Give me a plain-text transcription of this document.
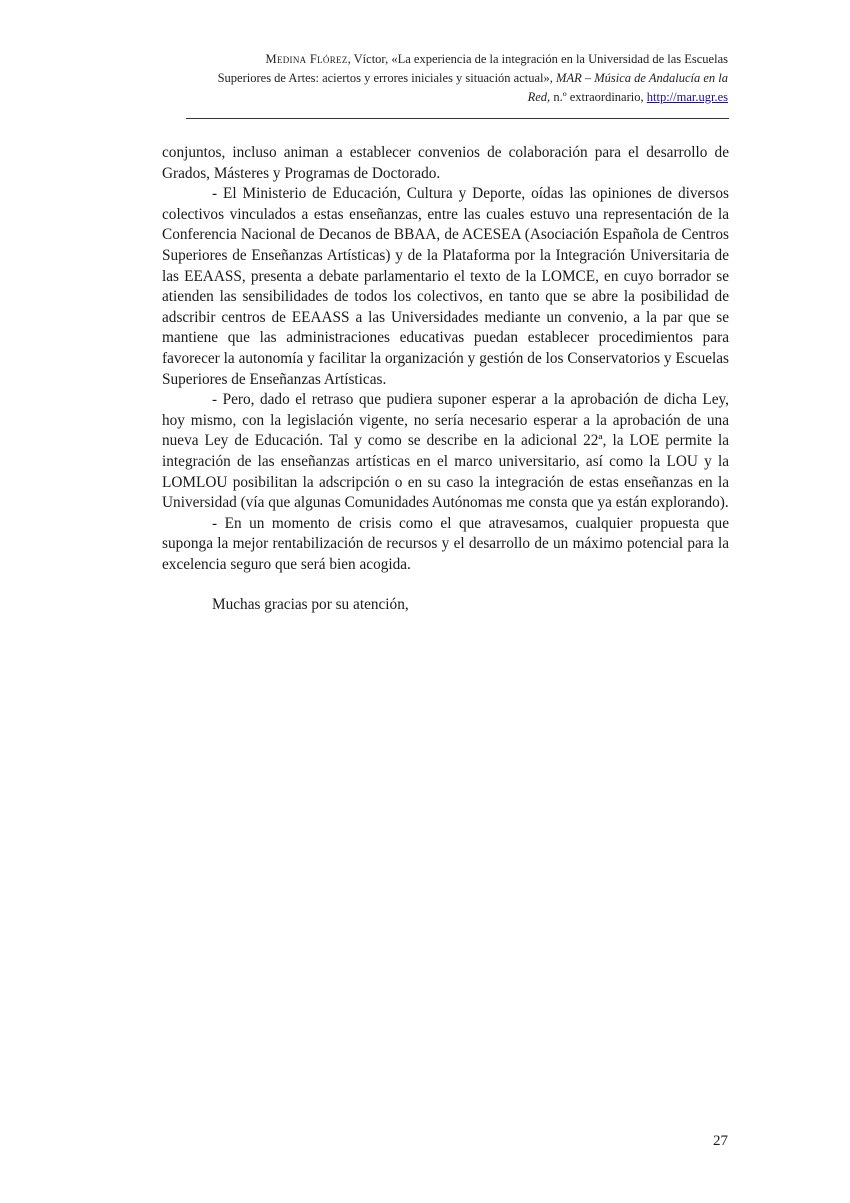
Medina Flórez, Víctor, «La experiencia de la integración en la Universidad de las Escuelas
Superiores de Artes: aciertos y errores iniciales y situación actual», MAR – Música de Andalucía en la
Red, n.º extraordinario, http://mar.ugr.es

conjuntos, incluso animan a establecer convenios de colaboración para el desarrollo de Grados, Másteres y Programas de Doctorado.

- El Ministerio de Educación, Cultura y Deporte, oídas las opiniones de diversos colectivos vinculados a estas enseñanzas, entre las cuales estuvo una representación de la Conferencia Nacional de Decanos de BBAA, de ACESEA (Asociación Española de Centros Superiores de Enseñanzas Artísticas) y de la Plataforma por la Integración Universitaria de las EEAASS, presenta a debate parlamentario el texto de la LOMCE, en cuyo borrador se atienden las sensibilidades de todos los colectivos, en tanto que se abre la posibilidad de adscribir centros de EEAASS a las Universidades mediante un convenio, a la par que se mantiene que las administraciones educativas puedan establecer procedimientos para favorecer la autonomía y facilitar la organización y gestión de los Conservatorios y Escuelas Superiores de Enseñanzas Artísticas.

- Pero, dado el retraso que pudiera suponer esperar a la aprobación de dicha Ley, hoy mismo, con la legislación vigente, no sería necesario esperar a la aprobación de una nueva Ley de Educación. Tal y como se describe en la adicional 22ª, la LOE permite la integración de las enseñanzas artísticas en el marco universitario, así como la LOU y la LOMLOU posibilitan la adscripción o en su caso la integración de estas enseñanzas en la Universidad (vía que algunas Comunidades Autónomas me consta que ya están explorando).

- En un momento de crisis como el que atravesamos, cualquier propuesta que suponga la mejor rentabilización de recursos y el desarrollo de un máximo potencial para la excelencia seguro que será bien acogida.

Muchas gracias por su atención,

27
